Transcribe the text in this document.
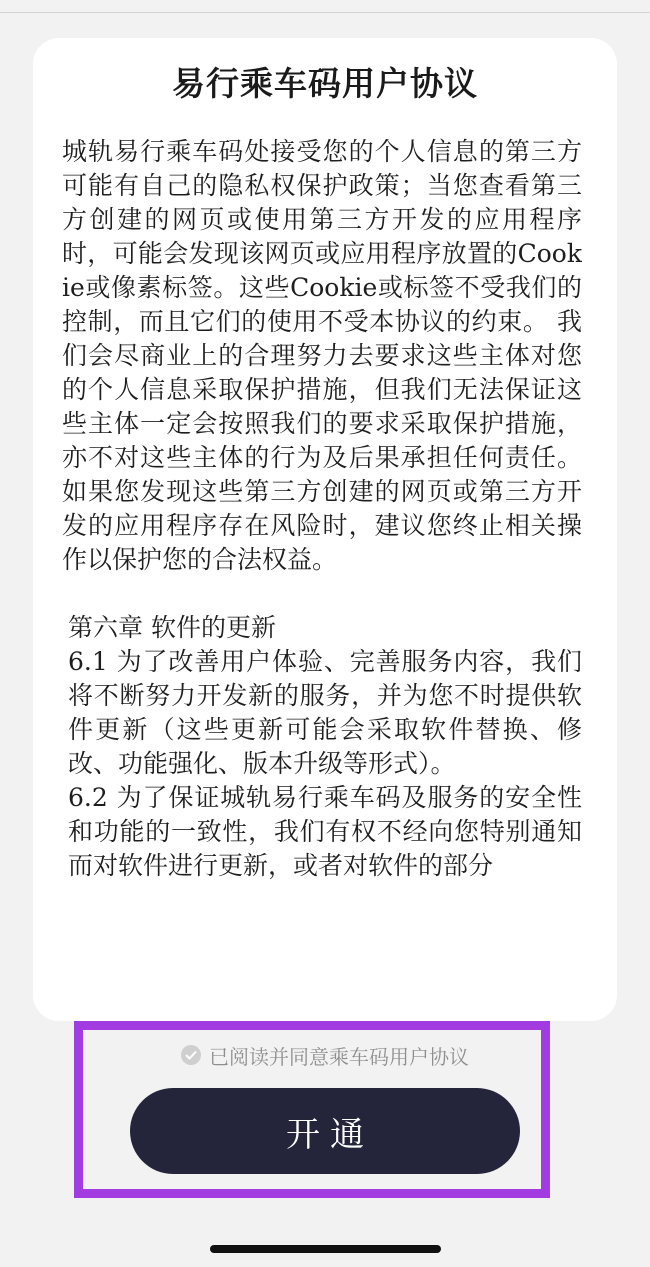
易行乘车码用户协议

城轨易行乘车码处接受您的个人信息的第三方可能有自己的隐私权保护政策；当您查看第三方创建的网页或使用第三方开发的应用程序时，可能会发现该网页或应用程序放置的Cookie或像素标签。这些Cookie或标签不受我们的控制，而且它们的使用不受本协议的约束。 我们会尽商业上的合理努力去要求这些主体对您的个人信息采取保护措施，但我们无法保证这些主体一定会按照我们的要求采取保护措施，亦不对这些主体的行为及后果承担任何责任。如果您发现这些第三方创建的网页或第三方开发的应用程序存在风险时，建议您终止相关操作以保护您的合法权益。

第六章 软件的更新

6.1 为了改善用户体验、完善服务内容，我们将不断努力开发新的服务，并为您不时提供软件更新（这些更新可能会采取软件替换、修改、功能强化、版本升级等形式）。

6.2 为了保证城轨易行乘车码及服务的安全性和功能的一致性，我们有权不经向您特别通知而对软件进行更新，或者对软件的部分

已阅读并同意乘车码用户协议
开通
